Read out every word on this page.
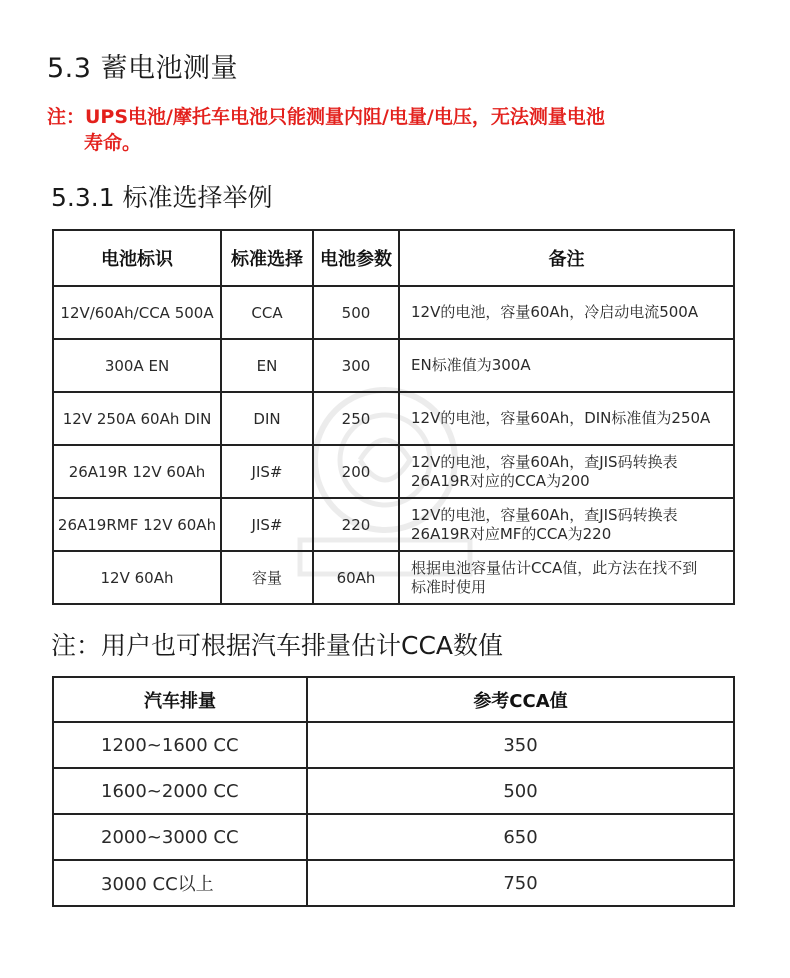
5.3 蓄电池测量
注：UPS电池/摩托车电池只能测量内阻/电量/电压，无法测量电池
寿命。
5.3.1 标准选择举例
电池标识	标准选择	电池参数	备注
12V/60Ah/CCA 500A	CCA	500	12V的电池，容量60Ah，冷启动电流500A
300A EN	EN	300	EN标准值为300A
12V 250A 60Ah DIN	DIN	250	12V的电池，容量60Ah，DIN标准值为250A
26A19R 12V 60Ah	JIS#	200	12V的电池，容量60Ah，查JIS码转换表
26A19R对应的CCA为200
26A19RMF 12V 60Ah	JIS#	220	12V的电池，容量60Ah，查JIS码转换表
26A19R对应MF的CCA为220
12V 60Ah	容量	60Ah	根据电池容量估计CCA值，此方法在找不到
标准时使用
注：用户也可根据汽车排量估计CCA数值
汽车排量	参考CCA值
1200~1600 CC	350
1600~2000 CC	500
2000~3000 CC	650
3000 CC以上	750
